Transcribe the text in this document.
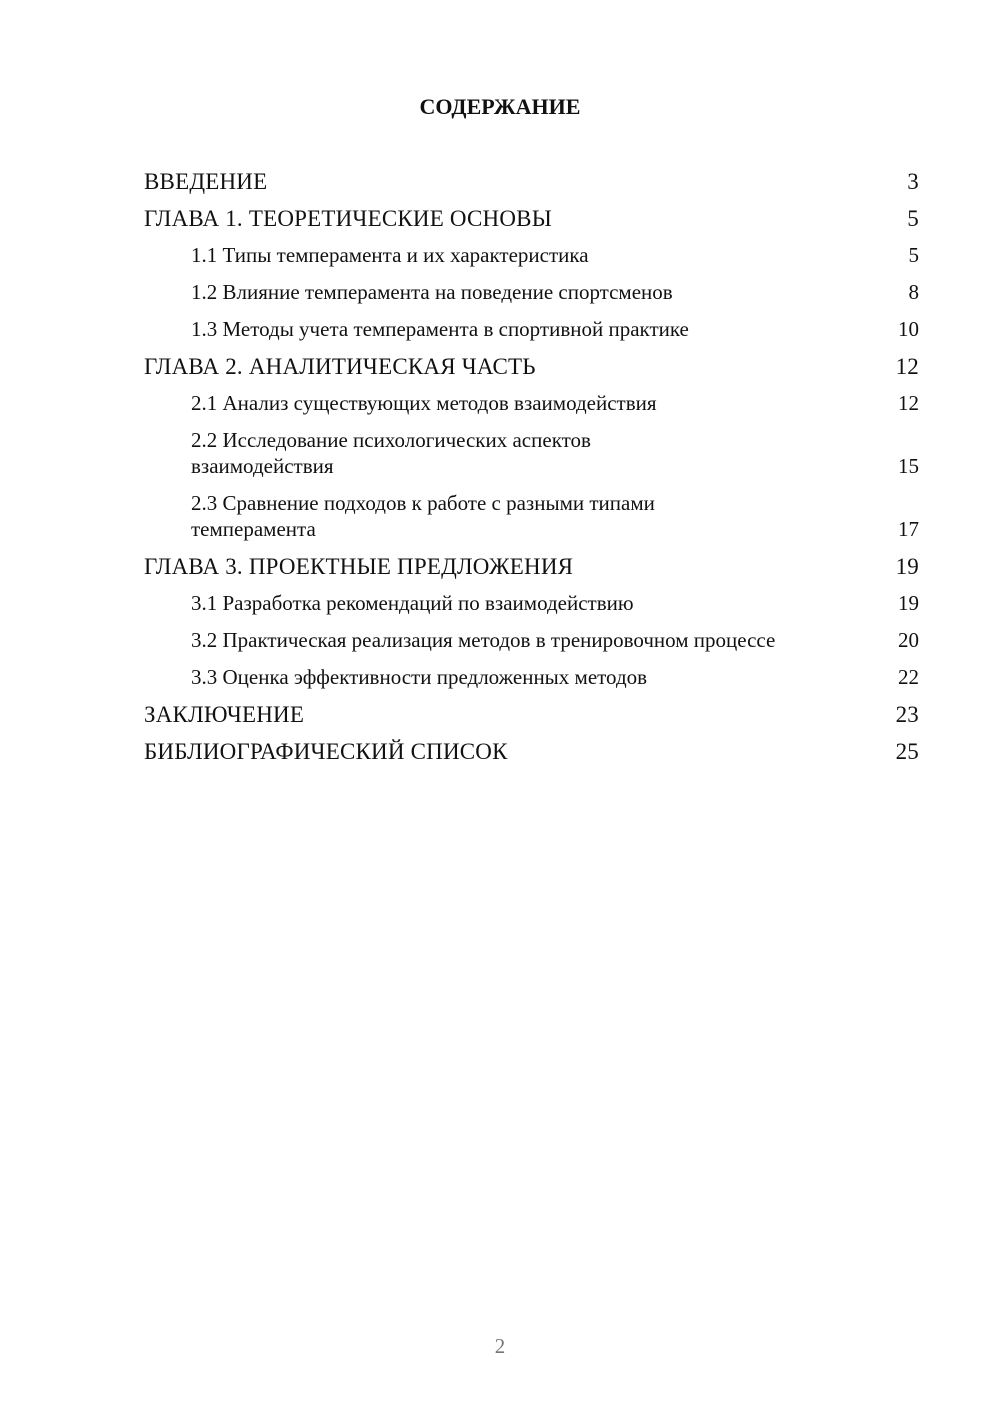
СОДЕРЖАНИЕ
ВВЕДЕНИЕ	3
ГЛАВА 1. ТЕОРЕТИЧЕСКИЕ ОСНОВЫ	5
1.1 Типы темперамента и их характеристика	5
1.2 Влияние темперамента на поведение спортсменов	8
1.3 Методы учета темперамента в спортивной практике	10
ГЛАВА 2. АНАЛИТИЧЕСКАЯ ЧАСТЬ	12
2.1 Анализ существующих методов взаимодействия	12
2.2 Исследование психологических аспектов взаимодействия	15
2.3 Сравнение подходов к работе с разными типами темперамента	17
ГЛАВА 3. ПРОЕКТНЫЕ ПРЕДЛОЖЕНИЯ	19
3.1 Разработка рекомендаций по взаимодействию	19
3.2 Практическая реализация методов в тренировочном процессе	20
3.3 Оценка эффективности предложенных методов	22
ЗАКЛЮЧЕНИЕ	23
БИБЛИОГРАФИЧЕСКИЙ СПИСОК	25
2
